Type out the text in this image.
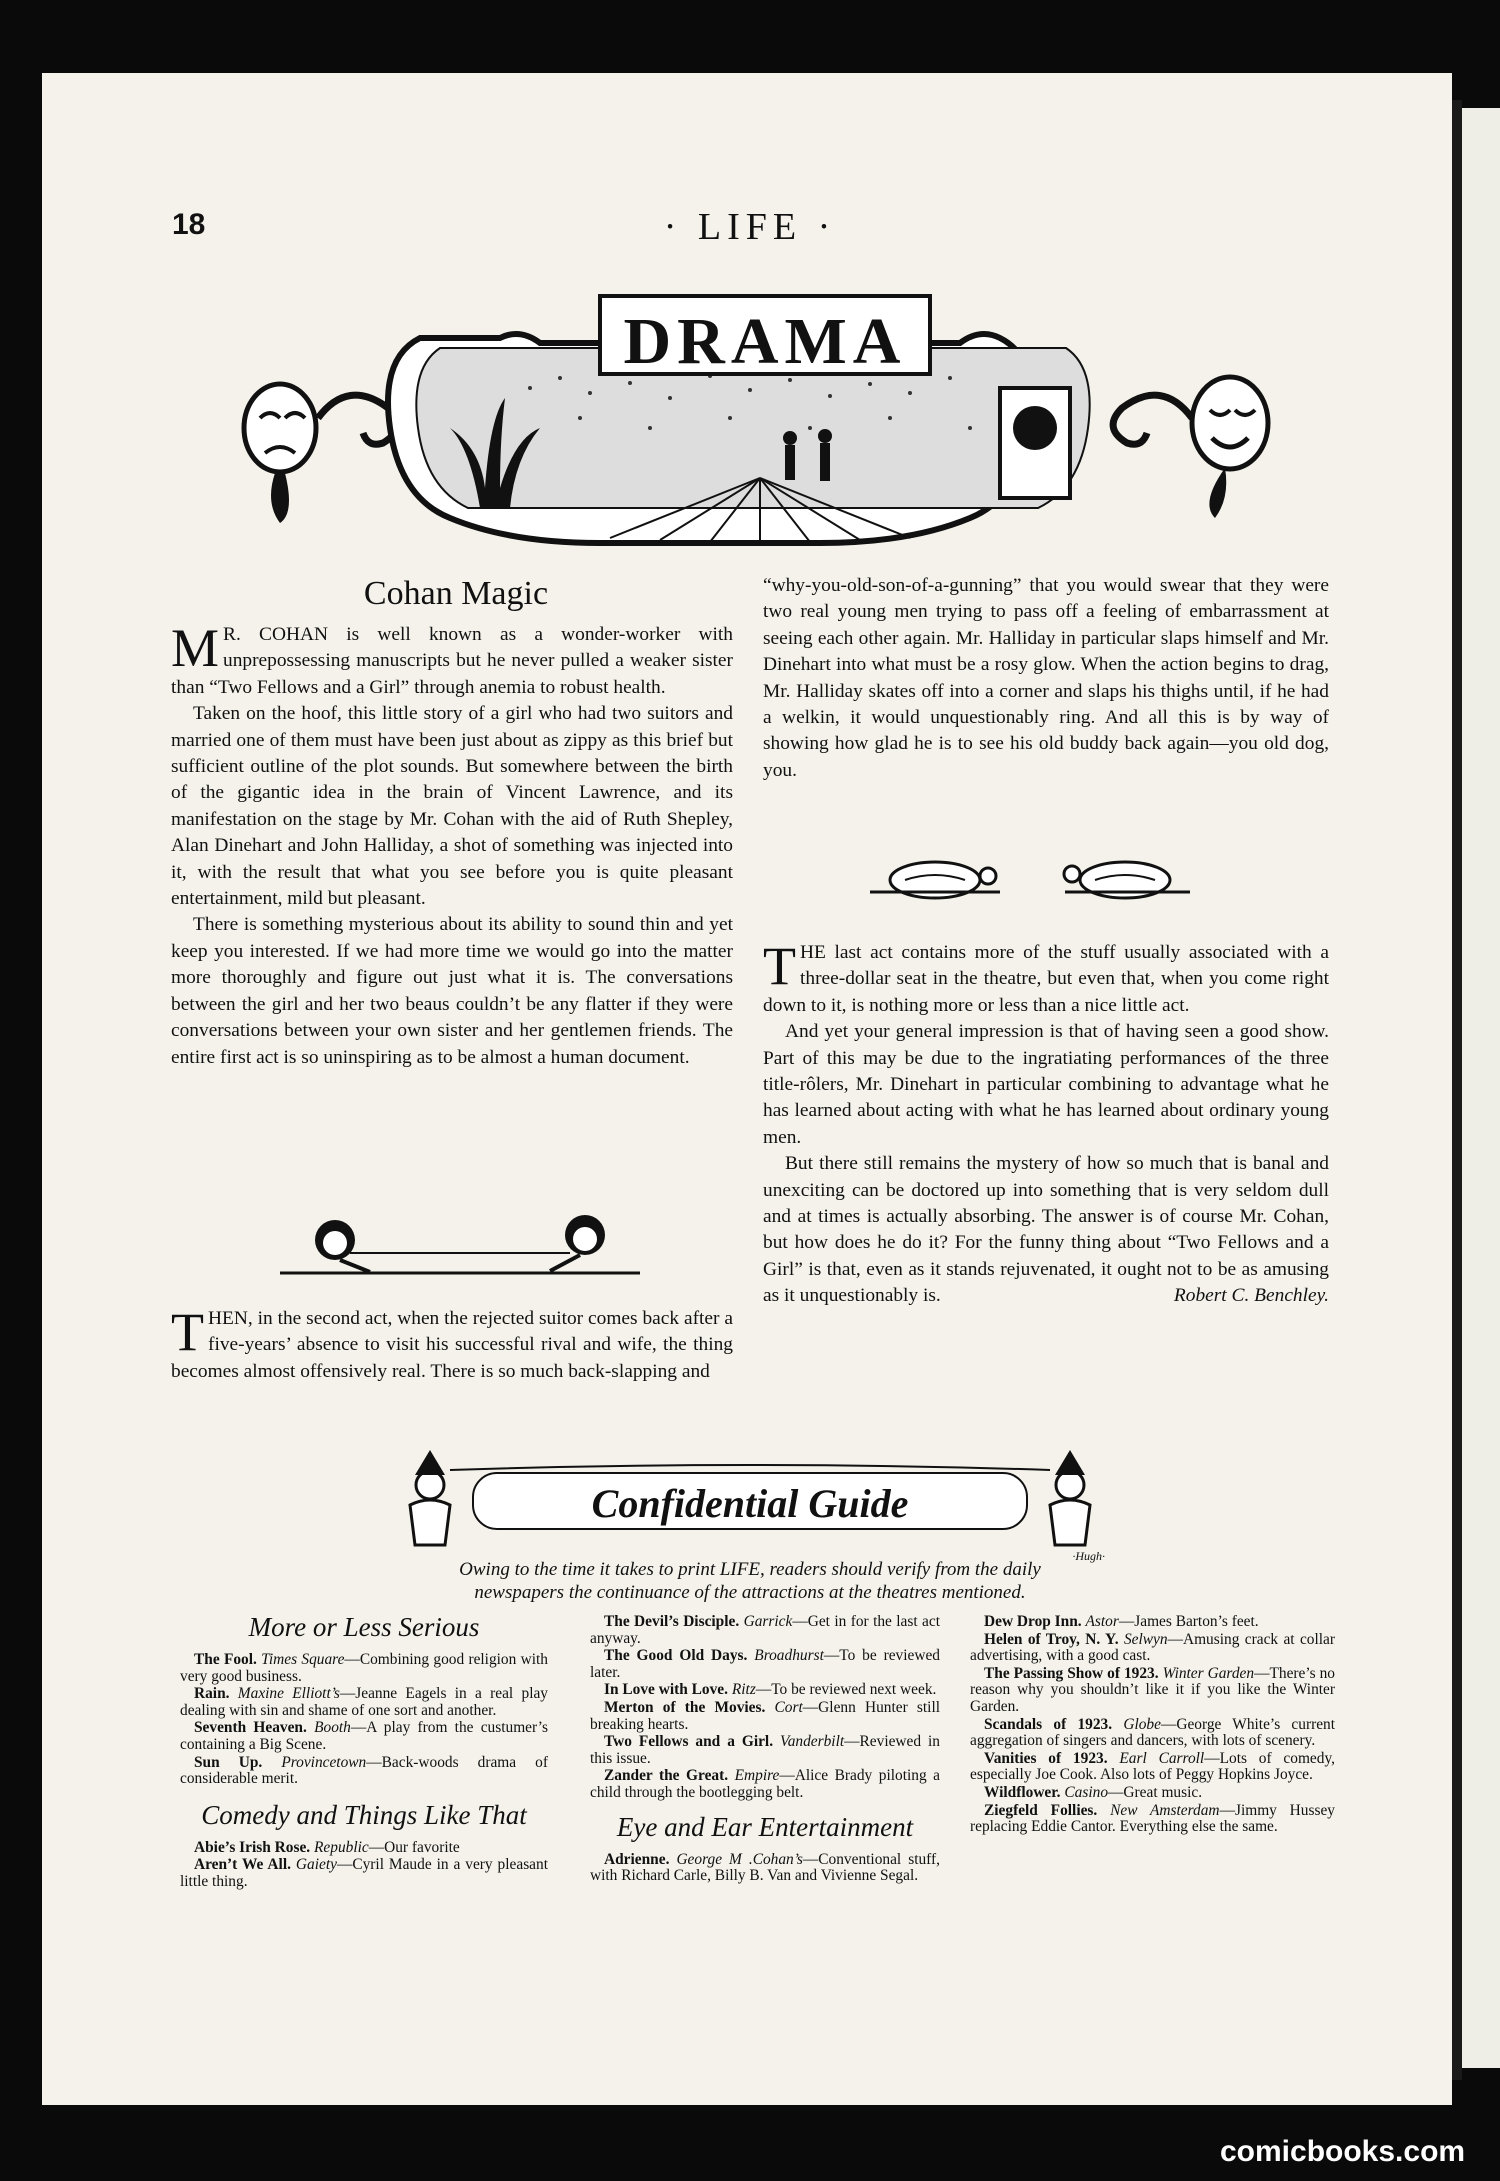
18	· LIFE ·
DRAMA
Cohan Magic

M R. COHAN is well known as a wonder-worker with unprepossessing manuscripts but he never pulled a weaker sister than “Two Fellows and a Girl” through anemia to robust health.

Taken on the hoof, this little story of a girl who had two suitors and married one of them must have been just about as zippy as this brief but sufficient outline of the plot sounds. But somewhere between the birth of the gigantic idea in the brain of Vincent Lawrence, and its manifestation on the stage by Mr. Cohan with the aid of Ruth Shepley, Alan Dinehart and John Halliday, a shot of something was injected into it, with the result that what you see before you is quite pleasant entertainment, mild but pleasant.

There is something mysterious about its ability to sound thin and yet keep you interested. If we had more time we would go into the matter more thoroughly and figure out just what it is. The conversations between the girl and her two beaus couldn’t be any flatter if they were conversations between your own sister and her gentlemen friends. The entire first act is so uninspiring as to be almost a human document.

THEN, in the second act, when the rejected suitor comes back after a five-years’ absence to visit his successful rival and wife, the thing becomes almost offensively real. There is so much back-slapping and

“why-you-old-son-of-a-gunning” that you would swear that they were two real young men trying to pass off a feeling of embarrassment at seeing each other again. Mr. Halliday in particular slaps himself and Mr. Dinehart into what must be a rosy glow. When the action begins to drag, Mr. Halliday skates off into a corner and slaps his thighs until, if he had a welkin, it would unquestionably ring. And all this is by way of showing how glad he is to see his old buddy back again—you old dog, you.

THE last act contains more of the stuff usually associated with a three-dollar seat in the theatre, but even that, when you come right down to it, is nothing more or less than a nice little act.

And yet your general impression is that of having seen a good show. Part of this may be due to the ingratiating performances of the three title-rôlers, Mr. Dinehart in particular combining to advantage what he has learned about acting with what he has learned about ordinary young men.

But there still remains the mystery of how so much that is banal and unexciting can be doctored up into something that is very seldom dull and at times is actually absorbing. The answer is of course Mr. Cohan, but how does he do it? For the funny thing about “Two Fellows and a Girl” is that, even as it stands rejuvenated, it ought not to be as amusing as it unquestionably is.	Robert C. Benchley.

Confidential Guide
·Hugh·
Owing to the time it takes to print LIFE, readers should verify from the daily
newspapers the continuance of the attractions at the theatres mentioned.
More or Less Serious

The Fool. Times Square—Combining good religion with very good business.

Rain. Maxine Elliott’s—Jeanne Eagels in a real play dealing with sin and shame of one sort and another.

Seventh Heaven. Booth—A play from the custumer’s containing a Big Scene.

Sun Up. Provincetown—Back-woods drama of considerable merit.

Comedy and Things Like That

Abie’s Irish Rose. Republic—Our favorite

Aren’t We All. Gaiety—Cyril Maude in a very pleasant little thing.

The Devil’s Disciple. Garrick—Get in for the last act anyway.

The Good Old Days. Broadhurst—To be reviewed later.

In Love with Love. Ritz—To be reviewed next week.

Merton of the Movies. Cort—Glenn Hunter still breaking hearts.

Two Fellows and a Girl. Vanderbilt—Reviewed in this issue.

Zander the Great. Empire—Alice Brady piloting a child through the bootlegging belt.

Eye and Ear Entertainment

Adrienne. George M .Cohan’s—Conventional stuff, with Richard Carle, Billy B. Van and Vivienne Segal.

Dew Drop Inn. Astor—James Barton’s feet.

Helen of Troy, N. Y. Selwyn—Amusing crack at collar advertising, with a good cast.

The Passing Show of 1923. Winter Garden—There’s no reason why you shouldn’t like it if you like the Winter Garden.

Scandals of 1923. Globe—George White’s current aggregation of singers and dancers, with lots of scenery.

Vanities of 1923. Earl Carroll—Lots of comedy, especially Joe Cook. Also lots of Peggy Hopkins Joyce.

Wildflower. Casino—Great music.

Ziegfeld Follies. New Amsterdam—Jimmy Hussey replacing Eddie Cantor. Everything else the same.

comicbooks.com
